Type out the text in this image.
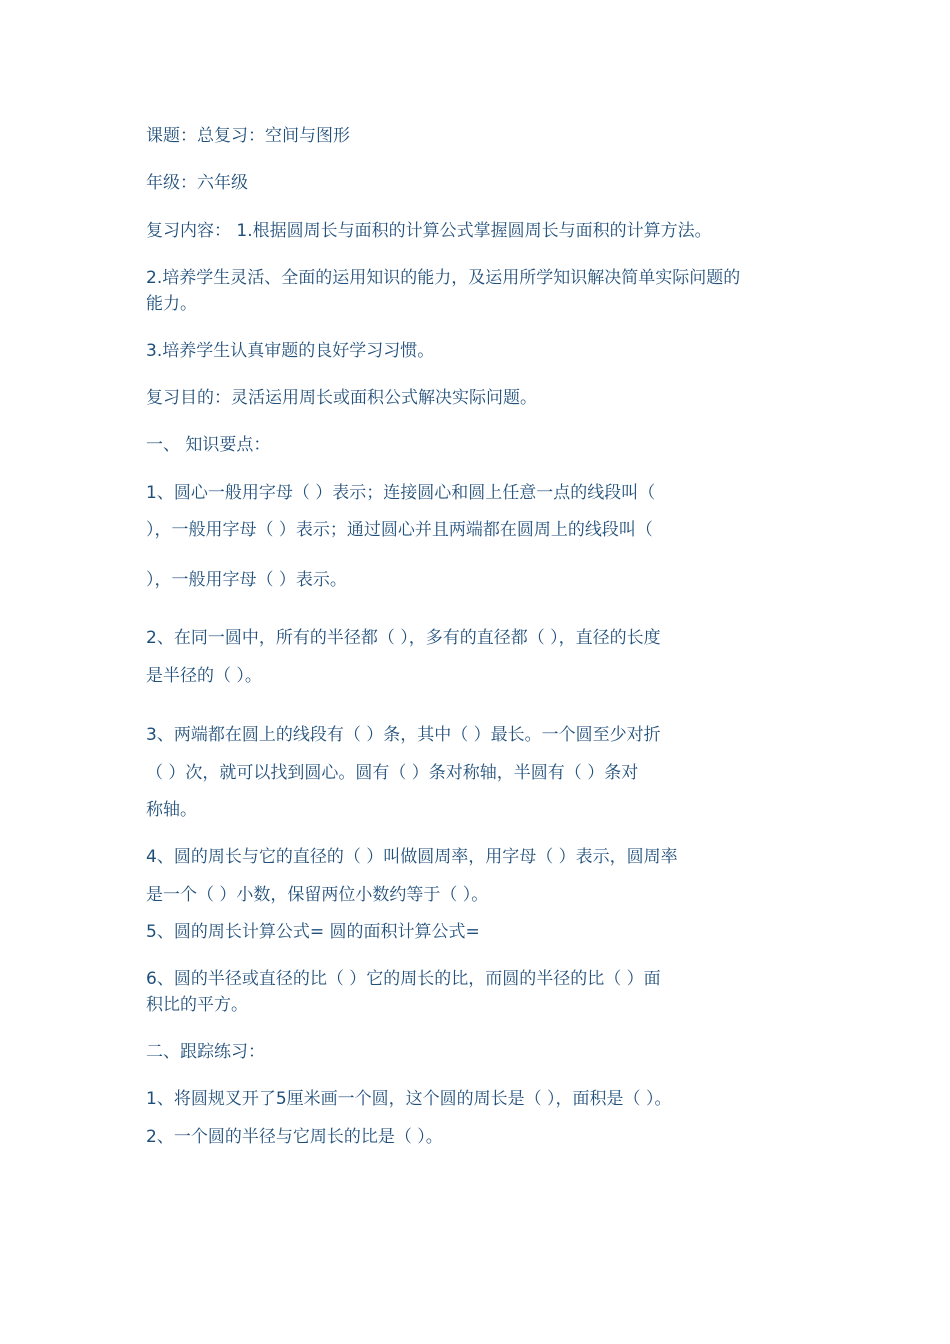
课题：总复习：空间与图形
年级：六年级
复习内容： 1.根据圆周长与面积的计算公式掌握圆周长与面积的计算方法。
2.培养学生灵活、全面的运用知识的能力，及运用所学知识解决简单实际问题的
能力。
3.培养学生认真审题的良好学习习惯。
复习目的：灵活运用周长或面积公式解决实际问题。
一、 知识要点：
1、圆心一般用字母（ ）表示；连接圆心和圆上任意一点的线段叫（
），一般用字母（ ）表示；通过圆心并且两端都在圆周上的线段叫（
），一般用字母（ ）表示。
2、在同一圆中，所有的半径都（ ），多有的直径都（ ），直径的长度
是半径的（ ）。
3、两端都在圆上的线段有（ ）条，其中（ ）最长。一个圆至少对折
（ ）次，就可以找到圆心。圆有（ ）条对称轴，半圆有（ ）条对
称轴。
4、圆的周长与它的直径的（ ）叫做圆周率，用字母（ ）表示，圆周率
是一个（ ）小数，保留两位小数约等于（ ）。
5、圆的周长计算公式= 圆的面积计算公式=
6、圆的半径或直径的比（ ）它的周长的比，而圆的半径的比（ ）面
积比的平方。
二、跟踪练习：
1、将圆规叉开了5厘米画一个圆，这个圆的周长是（ ），面积是（ ）。
2、一个圆的半径与它周长的比是（ ）。
